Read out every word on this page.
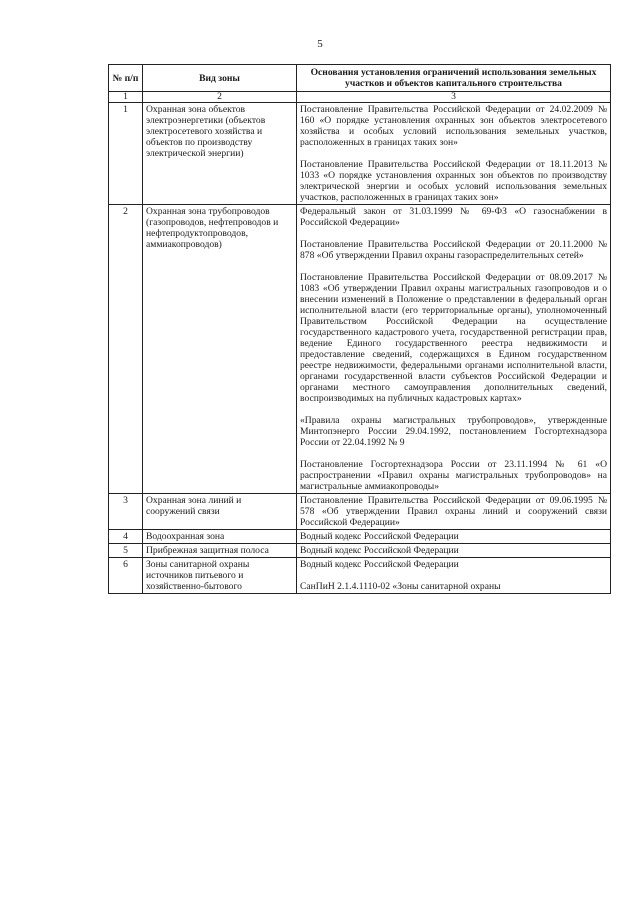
5
№ п/п	Вид зоны	Основания установления ограничений использования земельных участков и объектов капитального строительства
1	2	3
1	Охранная зона объектов электроэнергетики (объектов электросетевого хозяйства и объектов по производству электрической энергии)	Постановление Правительства Российской Федерации от 24.02.2009 № 160 «О порядке установления охранных зон объектов электросетевого хозяйства и особых условий использования земельных участков, расположенных в границах таких зон»

Постановление Правительства Российской Федерации от 18.11.2013 № 1033 «О порядке установления охранных зон объектов по производству электрической энергии и особых условий использования земельных участков, расположенных в границах таких зон»

2	Охранная зона трубопроводов (газопроводов, нефтепроводов и нефтепродуктопроводов, аммиакопроводов)	Федеральный закон от 31.03.1999 № 69-ФЗ «О газоснабжении в Российской Федерации»

Постановление Правительства Российской Федерации от 20.11.2000 № 878 «Об утверждении Правил охраны газораспределительных сетей»

Постановление Правительства Российской Федерации от 08.09.2017 № 1083 «Об утверждении Правил охраны магистральных газопроводов и о внесении изменений в Положение о представлении в федеральный орган исполнительной власти (его территориальные органы), уполномоченный Правительством Российской Федерации на осуществление государственного кадастрового учета, государственной регистрации прав, ведение Единого государственного реестра недвижимости и предоставление сведений, содержащихся в Едином государственном реестре недвижимости, федеральными органами исполнительной власти, органами государственной власти субъектов Российской Федерации и органами местного самоуправления дополнительных сведений, воспроизводимых на публичных кадастровых картах»

«Правила охраны магистральных трубопроводов», утвержденные Минтопэнерго России 29.04.1992, постановлением Госгортехнадзора России от 22.04.1992 № 9

Постановление Госгортехнадзора России от 23.11.1994 № 61 «О распространении «Правил охраны магистральных трубопроводов» на магистральные аммиакопроводы»

3	Охранная зона линий и сооружений связи	Постановление Правительства Российской Федерации от 09.06.1995 № 578 «Об утверждении Правил охраны линий и сооружений связи Российской Федерации»

4	Водоохранная зона	Водный кодекс Российской Федерации

5	Прибрежная защитная полоса	Водный кодекс Российской Федерации

6	Зоны санитарной охраны источников питьевого и хозяйственно-бытового	Водный кодекс Российской Федерации

СанПиН 2.1.4.1110-02 «Зоны санитарной охраны
